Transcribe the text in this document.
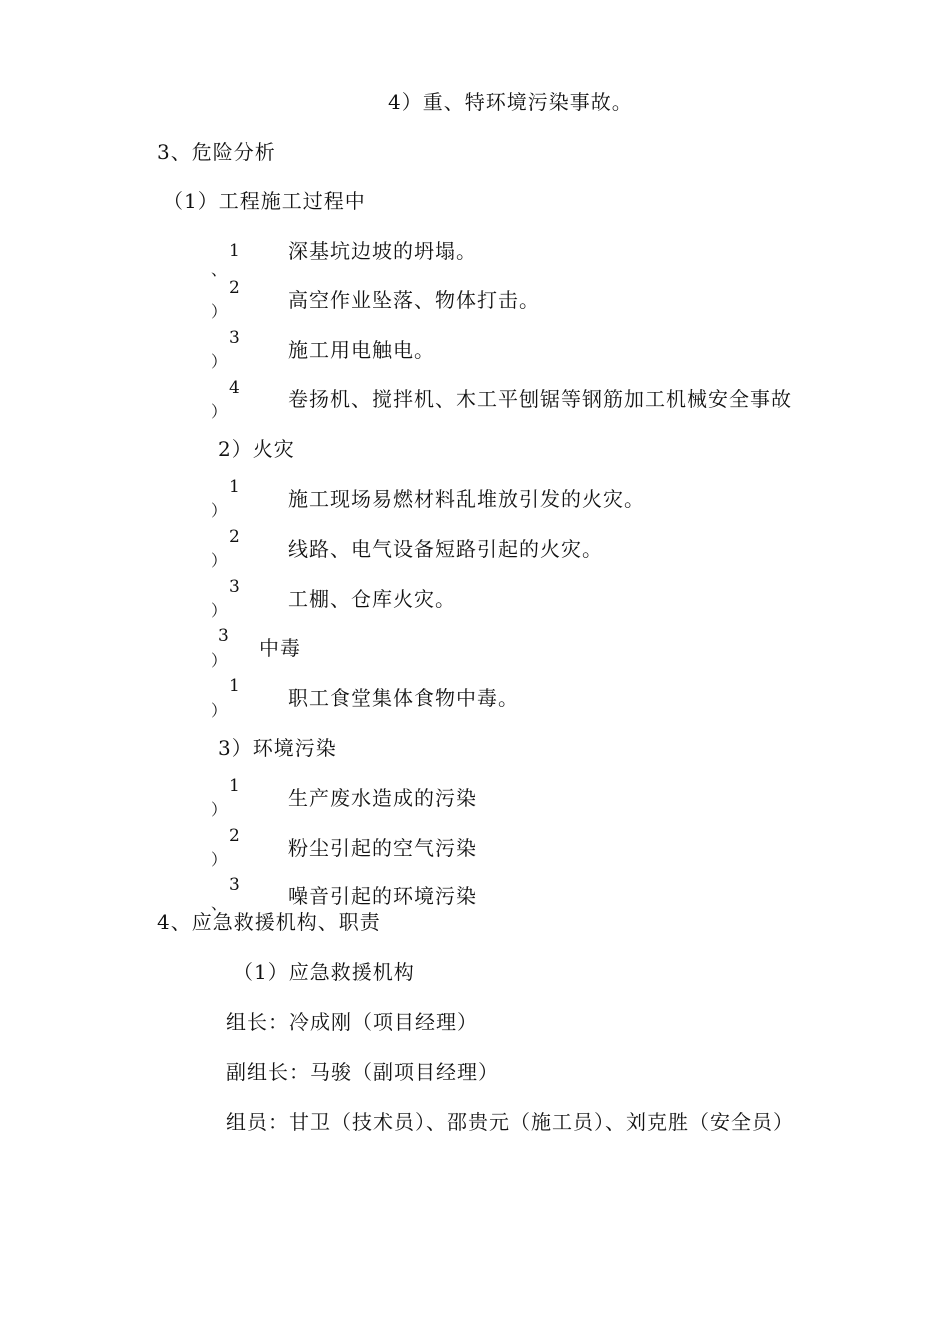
4）重、特环境污染事故。
3、危险分析
（1）工程施工过程中
1
、
深基坑边坡的坍塌。
2
）	高空作业坠落、物体打击。
3
）	施工用电触电。
4
）
卷扬机、搅拌机、木工平刨锯等钢筋加工机械安全事故
2）火灾
1
）	施工现场易燃材料乱堆放引发的火灾。
2
）	线路、电气设备短路引起的火灾。
3
）	工棚、仓库火灾。
3
）
中毒
1
）
职工食堂集体食物中毒。
3）环境污染
1
）	生产废水造成的污染
2
）	粉尘引起的空气污染
3
、	噪音引起的环境污染
4、应急救援机构、职责
（1）应急救援机构
组长：冷成刚（项目经理）
副组长：马骏（副项目经理）
组员：甘卫（技术员）、邵贵元（施工员）、刘克胜（安全员）
